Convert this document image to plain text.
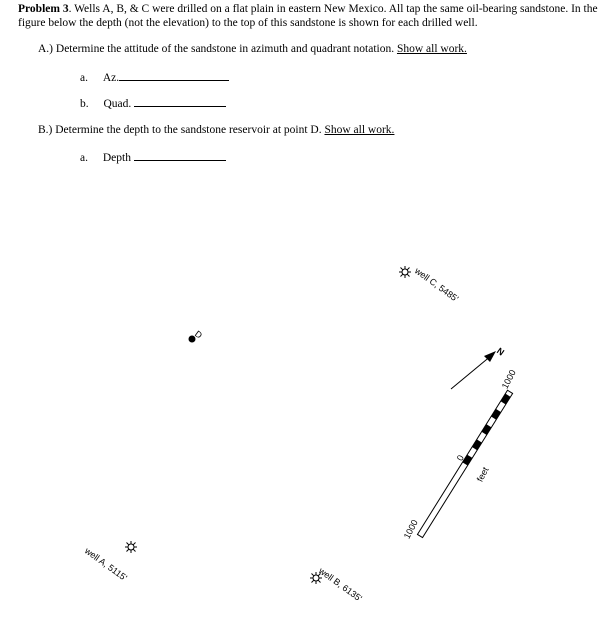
Problem 3. Wells A, B, & C were drilled on a flat plain in eastern New Mexico. All tap the same oil-bearing sandstone. In the figure below the depth (not the elevation) to the top of this sandstone is shown for each drilled well.

A.) Determine the attitude of the sandstone in azimuth and quadrant notation. Show all work.
a. Az.
b. Quad.
B.) Determine the depth to the sandstone reservoir at point D. Show all work.
a. Depth
well A, 5115'
well B, 6135'
well C, 5485'
D
N
1000
0
1000
feet
